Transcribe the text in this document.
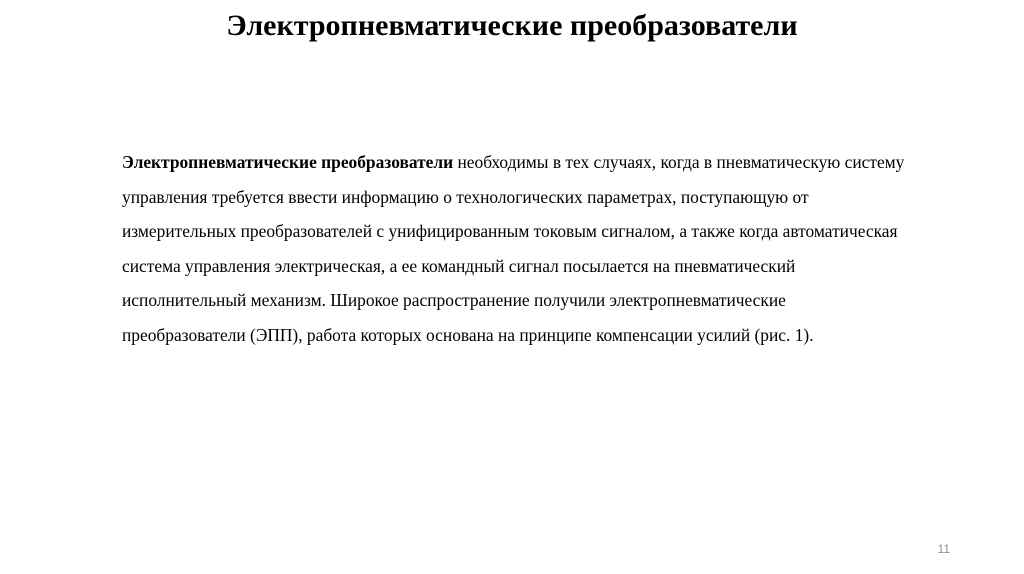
Электропневматические преобразователи

Электропневматические преобразователи необходимы в тех случаях, когда в пневматическую систему управления требуется ввести информацию о технологических параметрах, поступающую от измерительных преобразователей с унифицированным токовым сигналом, а также когда автоматическая система управления электрическая, а ее командный сигнал посылается на пневматический исполнительный механизм. Широкое распространение получили электропневматические преобразователи (ЭПП), работа которых основана на принципе компенсации усилий (рис. 1).

11
